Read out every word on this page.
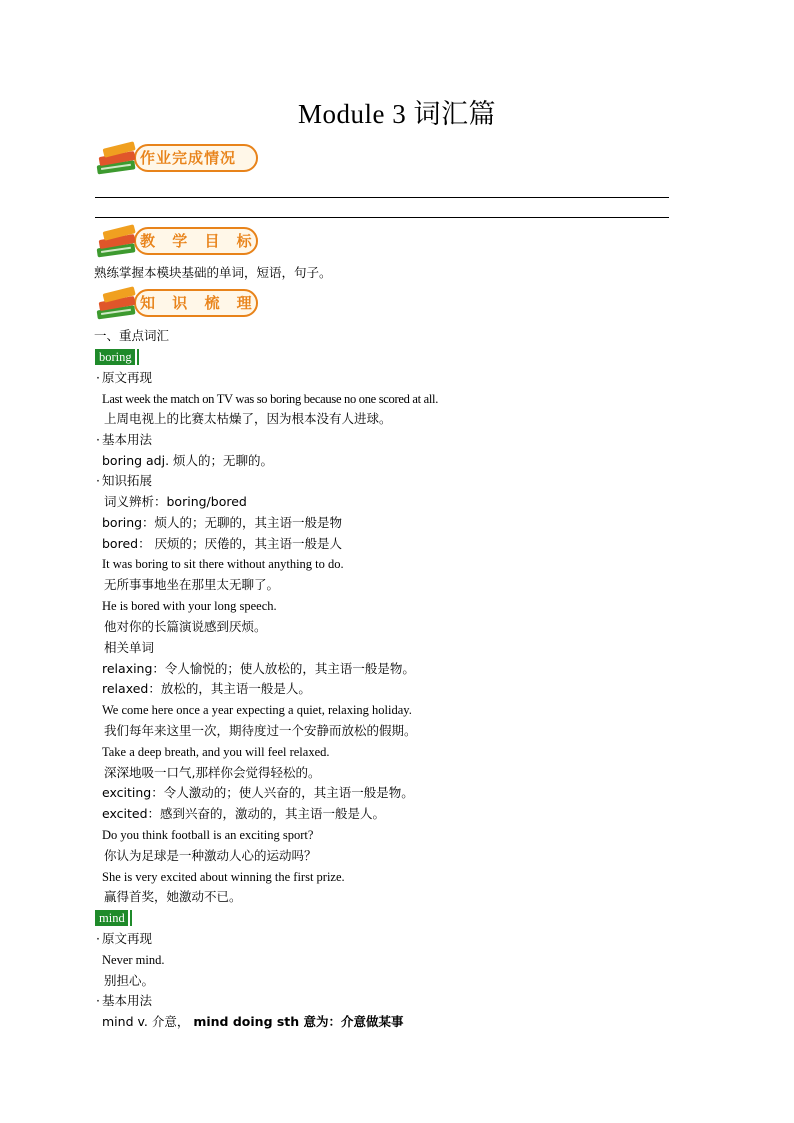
Module 3 词汇篇
作业完成情况
教 学 目 标
熟练掌握本模块基础的单词，短语，句子。
知 识 梳 理
一、重点词汇
boring
· 原文再现
Last week the match on TV was so boring because no one scored at all.
上周电视上的比赛太枯燥了，因为根本没有人进球。
· 基本用法
boring adj. 烦人的；无聊的。
· 知识拓展
词义辨析：boring/bored
boring：烦人的；无聊的，其主语一般是物
bored： 厌烦的；厌倦的，其主语一般是人
It was boring to sit there without anything to do.
无所事事地坐在那里太无聊了。
He is bored with your long speech.
他对你的长篇演说感到厌烦。
相关单词
relaxing：令人愉悦的；使人放松的，其主语一般是物。
relaxed：放松的，其主语一般是人。
We come here once a year expecting a quiet, relaxing holiday.
我们每年来这里一次，期待度过一个安静而放松的假期。
Take a deep breath, and you will feel relaxed.
深深地吸一口气,那样你会觉得轻松的。
exciting：令人激动的；使人兴奋的，其主语一般是物。
excited：感到兴奋的，激动的，其主语一般是人。
Do you think football is an exciting sport?
你认为足球是一种激动人心的运动吗？
She is very excited about winning the first prize.
赢得首奖，她激动不已。
mind
· 原文再现
Never mind.
别担心。
· 基本用法
mind v. 介意， mind doing sth 意为：介意做某事
